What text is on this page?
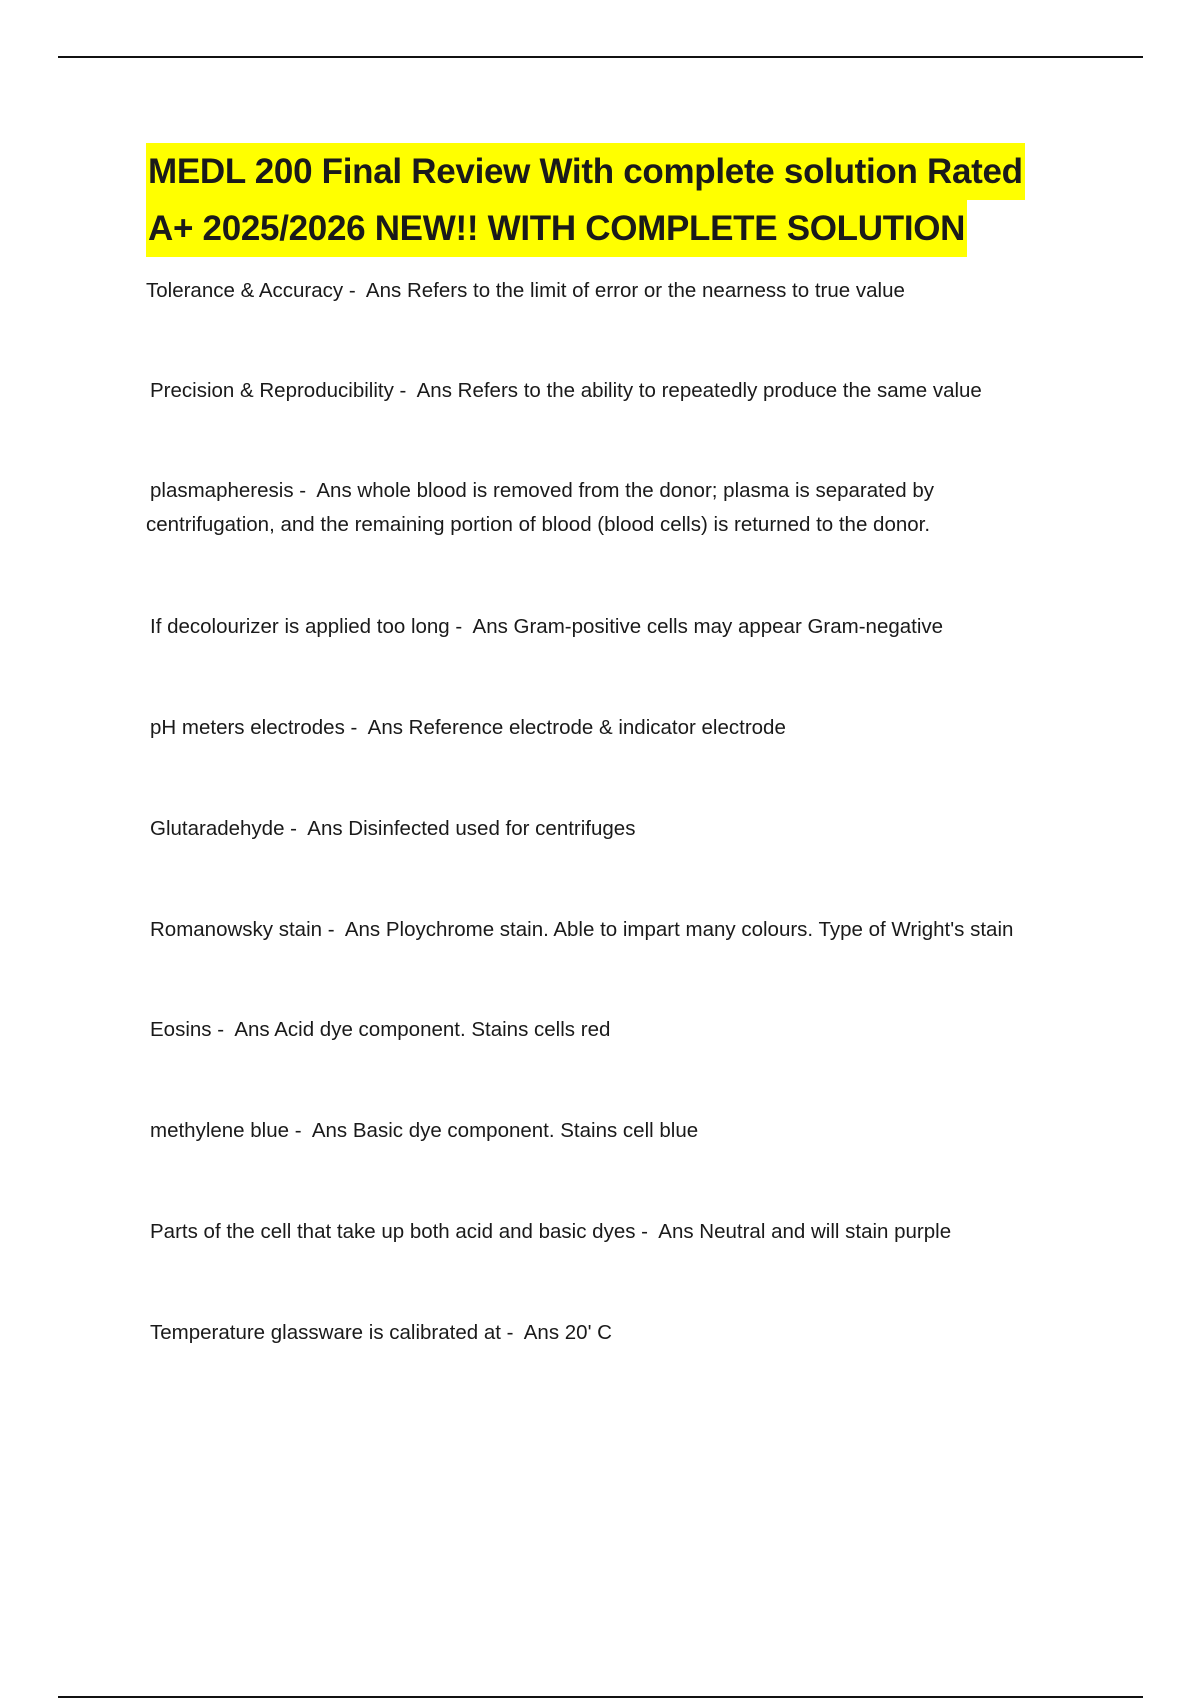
MEDL 200 Final Review With complete solution Rated
A+ 2025/2026 NEW!! WITH COMPLETE SOLUTION

Tolerance & Accuracy -  Ans Refers to the limit of error or the nearness to true value

Precision & Reproducibility -  Ans Refers to the ability to repeatedly produce the same value

plasmapheresis -  Ans whole blood is removed from the donor; plasma is separated by centrifugation, and the remaining portion of blood (blood cells) is returned to the donor.

If decolourizer is applied too long -  Ans Gram-positive cells may appear Gram-negative

pH meters electrodes -  Ans Reference electrode & indicator electrode

Glutaradehyde -  Ans Disinfected used for centrifuges

Romanowsky stain -  Ans Ploychrome stain. Able to impart many colours. Type of Wright's stain

Eosins -  Ans Acid dye component. Stains cells red

methylene blue -  Ans Basic dye component. Stains cell blue

Parts of the cell that take up both acid and basic dyes -  Ans Neutral and will stain purple

Temperature glassware is calibrated at -  Ans 20' C
